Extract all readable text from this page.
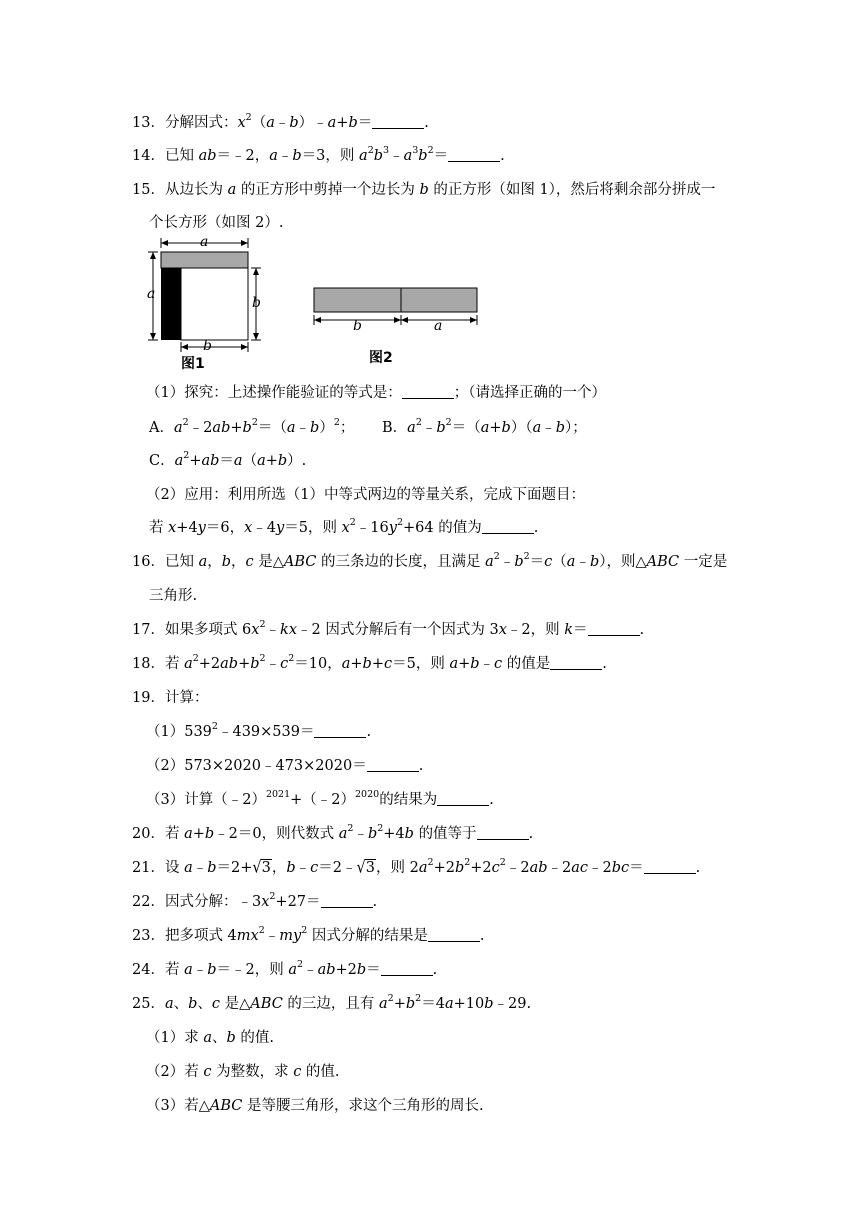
13．分解因式：$x^2(a﹣b)﹣a+b=$	.
14．已知 ab＝﹣2，a﹣b＝3，则 $a^2b^3﹣a^3b^2=$	.
15．从边长为 a 的正方形中剪掉一个边长为 b 的正方形（如图 1），然后将剩余部分拼成一
个长方形（如图 2）.
a
a
b
b
图1
b	a
图2
（1）探究：上述操作能验证的等式是：	；（请选择正确的一个）
A．$a^2﹣2ab+b^2=(a﹣b)^2$； B．$a^2﹣b^2=(a+b)(a﹣b)$；
C．$a^2+ab=a(a+b)$.
（2）应用：利用所选（1）中等式两边的等量关系，完成下面题目：
若 x+4y＝6，x﹣4y＝5，则 $x^2﹣16y^2+64$ 的值为	.
16．已知 a，b，c 是△ABC 的三条边的长度，且满足 $a^2﹣b^2=c(a﹣b)$，则△ABC 一定是
三角形.
17．如果多项式 $6x^2﹣kx﹣2$ 因式分解后有一个因式为 3x﹣2，则 k＝	.
18．若 $a^2+2ab+b^2﹣c^2=10$，a+b+c＝5，则 a+b﹣c 的值是	.
19．计算：
$(1)539^2﹣439\times 539=$	.
（2）573×2020﹣473×2020＝	.
（3）计算（﹣2）$^{2021}$+（﹣2）$^{2020}$的结果为	.
20．若 a+b﹣2＝0，则代数式 $a^2﹣b^2+4b$ 的值等于	.
21．设 a﹣b＝2+√3，b﹣c＝2﹣√3，则 $2a^2+2b^2+2c^2﹣2ab﹣2ac﹣2bc=$	.
22．因式分解：$﹣3x^2+27=$	.
23．把多项式 $4mx^2﹣my^2$ 因式分解的结果是	.
24．若 a﹣b＝﹣2，则 $a^2﹣ab+2b=$	.
25．a、b、c 是△ABC 的三边，且有 $a^2+b^2=4a+10b﹣29$.
（1）求 a、b 的值.
（2）若 c 为整数，求 c 的值.
（3）若△ABC 是等腰三角形，求这个三角形的周长.
